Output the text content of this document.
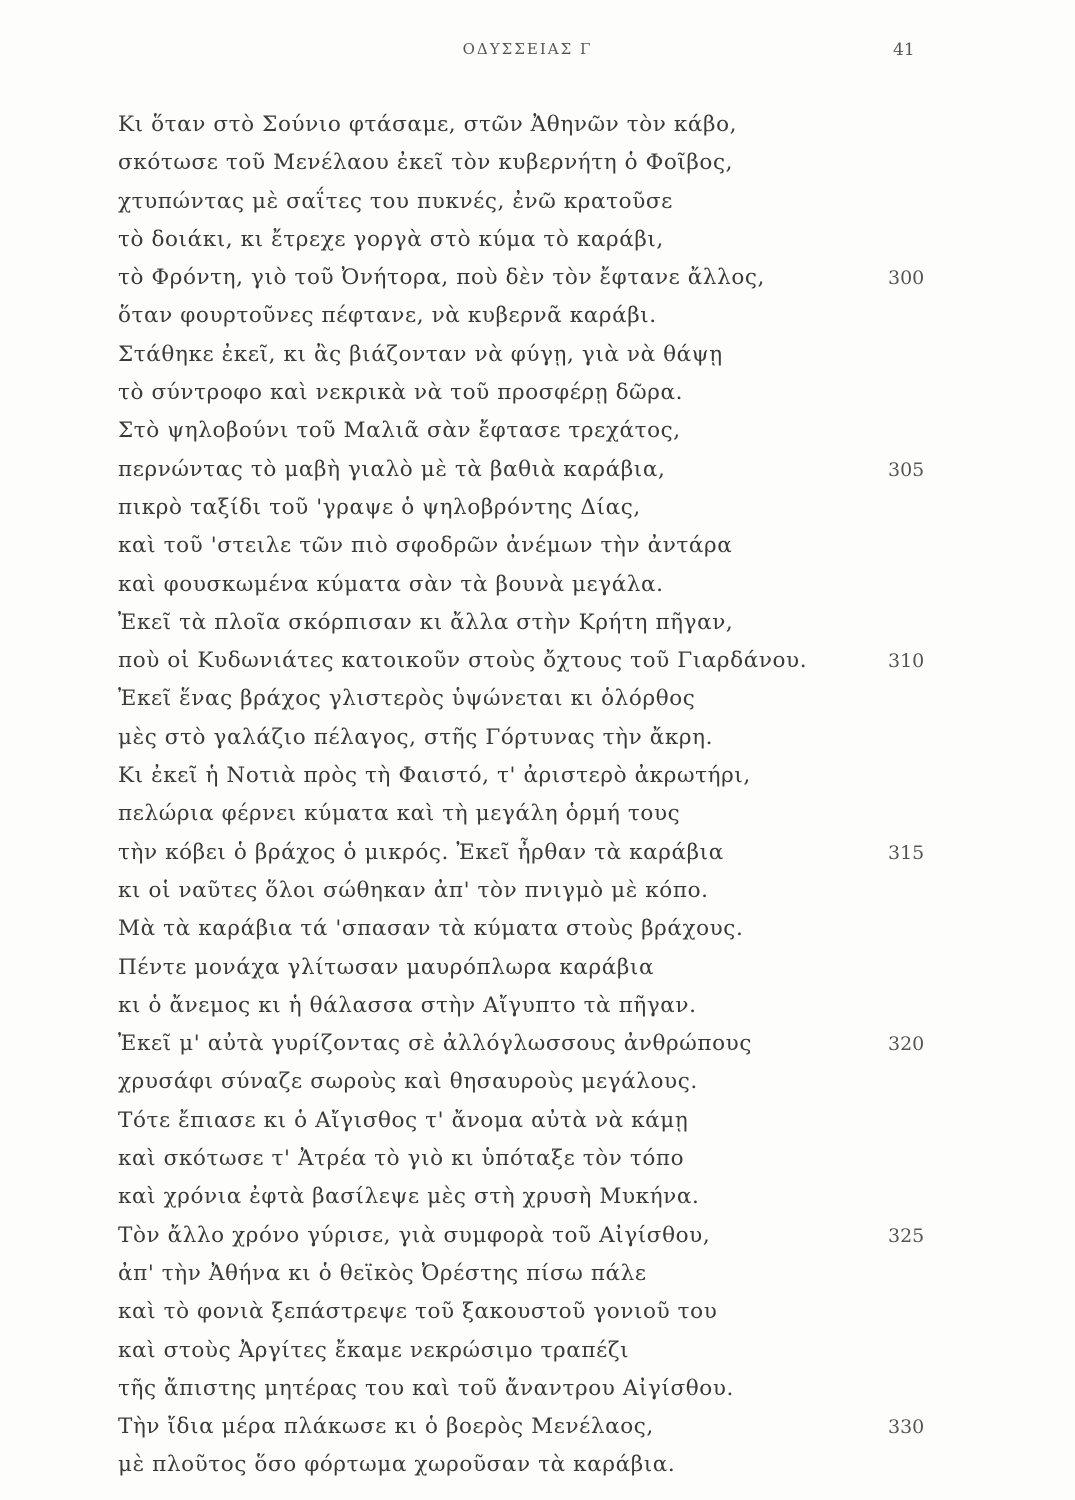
ΟΔΥΣΣΕΙΑΣ Γ	41
Κι ὅταν στὸ Σούνιο φτάσαμε, στῶν Ἀθηνῶν τὸν κάβο,
σκότωσε τοῦ Μενέλαου ἐκεῖ τὸν κυβερνήτη ὁ Φοῖβος,
χτυπώντας μὲ σαΐτες του πυκνές, ἐνῶ κρατοῦσε
τὸ δοιάκι, κι ἔτρεχε γοργὰ στὸ κύμα τὸ καράβι,
τὸ Φρόντη, γιὸ τοῦ Ὀνήτορα, ποὺ δὲν τὸν ἔφτανε ἄλλος,	300
ὅταν φουρτοῦνες πέφτανε, νὰ κυβερνᾶ καράβι.
Στάθηκε ἐκεῖ, κι ἂς βιάζονταν νὰ φύγῃ, γιὰ νὰ θάψῃ
τὸ σύντροφο καὶ νεκρικὰ νὰ τοῦ προσφέρῃ δῶρα.
Στὸ ψηλοβούνι τοῦ Μαλιᾶ σὰν ἔφτασε τρεχάτος,
περνώντας τὸ μαβὴ γιαλὸ μὲ τὰ βαθιὰ καράβια,	305
πικρὸ ταξίδι τοῦ 'γραψε ὁ ψηλοβρόντης Δίας,
καὶ τοῦ 'στειλε τῶν πιὸ σφοδρῶν ἀνέμων τὴν ἀντάρα
καὶ φουσκωμένα κύματα σὰν τὰ βουνὰ μεγάλα.
Ἐκεῖ τὰ πλοῖα σκόρπισαν κι ἄλλα στὴν Κρήτη πῆγαν,
ποὺ οἱ Κυδωνιάτες κατοικοῦν στοὺς ὄχτους τοῦ Γιαρδάνου.	310
Ἐκεῖ ἕνας βράχος γλιστερὸς ὑψώνεται κι ὁλόρθος
μὲς στὸ γαλάζιο πέλαγος, στῆς Γόρτυνας τὴν ἄκρη.
Κι ἐκεῖ ἡ Νοτιὰ πρὸς τὴ Φαιστό, τ' ἀριστερὸ ἀκρωτήρι,
πελώρια φέρνει κύματα καὶ τὴ μεγάλη ὁρμή τους
τὴν κόβει ὁ βράχος ὁ μικρός. Ἐκεῖ ἦρθαν τὰ καράβια	315
κι οἱ ναῦτες ὅλοι σώθηκαν ἀπ' τὸν πνιγμὸ μὲ κόπο.
Μὰ τὰ καράβια τά 'σπασαν τὰ κύματα στοὺς βράχους.
Πέντε μονάχα γλίτωσαν μαυρόπλωρα καράβια
κι ὁ ἄνεμος κι ἡ θάλασσα στὴν Αἴγυπτο τὰ πῆγαν.
Ἐκεῖ μ' αὐτὰ γυρίζοντας σὲ ἀλλόγλωσσους ἀνθρώπους	320
χρυσάφι σύναζε σωροὺς καὶ θησαυροὺς μεγάλους.
Τότε ἔπιασε κι ὁ Αἴγισθος τ' ἄνομα αὐτὰ νὰ κάμῃ
καὶ σκότωσε τ' Ἀτρέα τὸ γιὸ κι ὑπόταξε τὸν τόπο
καὶ χρόνια ἐφτὰ βασίλεψε μὲς στὴ χρυσὴ Μυκήνα.
Τὸν ἄλλο χρόνο γύρισε, γιὰ συμφορὰ τοῦ Αἰγίσθου,	325
ἀπ' τὴν Ἀθήνα κι ὁ θεϊκὸς Ὀρέστης πίσω πάλε
καὶ τὸ φονιὰ ξεπάστρεψε τοῦ ξακουστοῦ γονιοῦ του
καὶ στοὺς Ἀργίτες ἔκαμε νεκρώσιμο τραπέζι
τῆς ἄπιστης μητέρας του καὶ τοῦ ἄναντρου Αἰγίσθου.
Τὴν ἴδια μέρα πλάκωσε κι ὁ βοερὸς Μενέλαος,	330
μὲ πλοῦτος ὅσο φόρτωμα χωροῦσαν τὰ καράβια.
